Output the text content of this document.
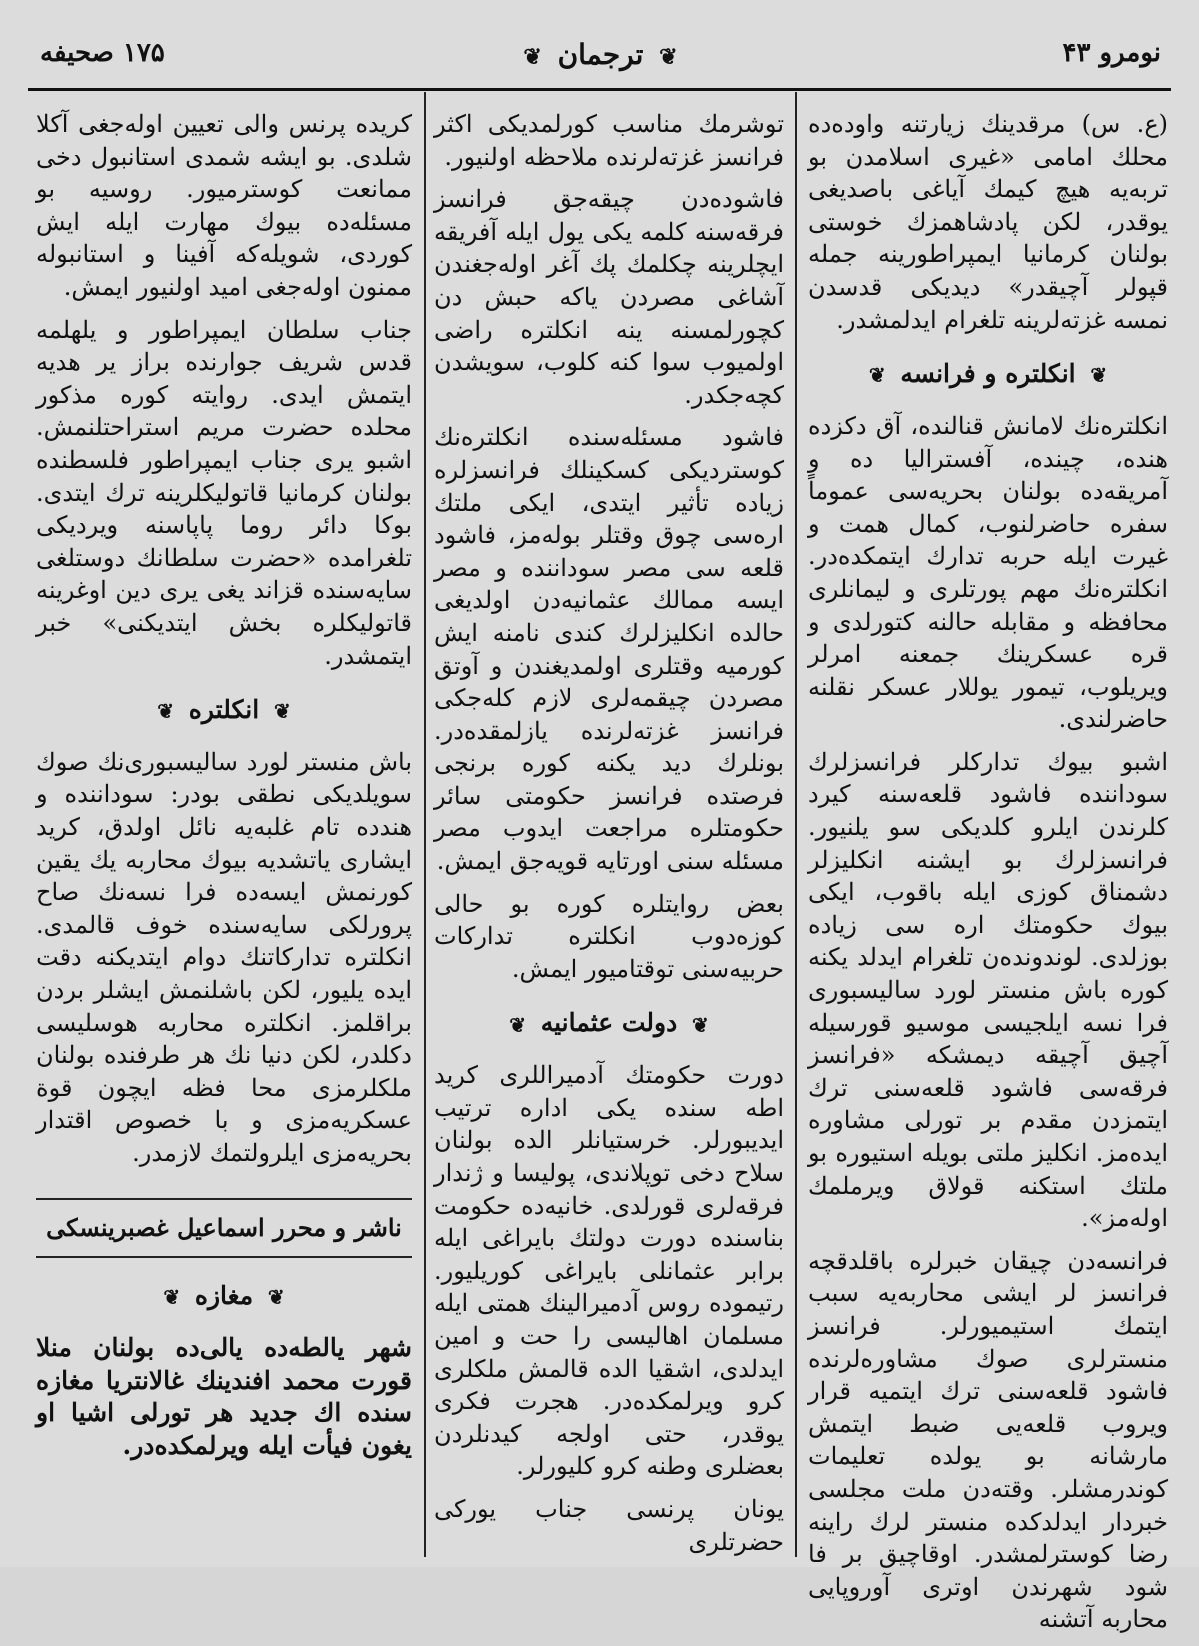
نومرو ۴۳
❦ ترجمان ❦
۱۷۵ صحیفه

(ع. س) مرقدینك زیارتنه واوده‌ده محلك امامی «غیری اسلامدن بو تربه‌یه هیچ کیمك آیاغی باصدیغی یوقدر، لکن پادشاهمزك خوستی بولنان کرمانیا ایمپراطورینه جمله قپولر آچیقدر» دیدیکی قدسدن نمسه غزته‌لرینه تلغرام ایدلمشدر.

❦ انکلتره و فرانسه ❦

انکلتره‌نك لامانش قنالنده، آق دکزده هنده، چینده، آفستراليا ده و آمریقه‌ده بولنان بحریه‌سی عموماً سفره حاضرلنوب، کمال همت و غیرت ایله حربه تدارك ایتمکده‌در. انکلتره‌نك مهم پورتلری و لیمانلری محافظه و مقابله حالنه کتورلدی و قره عسکرینك جمعنه امرلر ویریلوب، تیمور یوللار عسکر نقلنه حاضرلندی.

اشبو بیوك تدارکلر فرانسزلرك سوداننده فاشود قلعه‌سنه کیرد کلرندن ایلرو کلدیکی سو یلنیور. فرانسزلرك بو ایشنه انکلیزلر دشمناق کوزی ایله باقوب، ایکی بیوك حکومتك اره‌ سی زیاده بوزلدی. لوندونده‌ن تلغرام ایدلد یکنه کوره باش منستر لورد سالیسبوری فرا نسه ایلجیسی موسیو قورسیله آچیق آچیقه دیمشکه «فرانسز فرقه‌سی فاشود قلعه‌سنی ترك ایتمزدن مقدم بر تورلی مشاوره ایده‌مز. انکلیز ملتی بویله استیوره بو ملتك استکنه قولاق ویرملمك اوله‌مز».

فرانسه‌دن چیقان خبرلره باقلدقچه فرانسز لر ایشی محاربه‌یه سبب ایتمك استیمیورلر. فرانسز منسترلری صوك مشاوره‌لرنده فاشود قلعه‌سنی ترك ایتمیه قرار ویروب قلعه‌یی ضبط ایتمش مارشانه بو یولده تعلیمات کوندرمشلر. وقته‌دن ملت مجلسی خبردار ایدلدکده منستر لرك راینه رضا کوسترلمشدر. اوقاچیق بر فا شود شهرندن اوتری آوروپایی محاربه آتشنه

توشرمك مناسب کورلمدیکی اکثر فرانسز غزته‌لرنده ملاحظه اولنیور.

فاشوده‌دن چیقه‌جق فرانسز فرقه‌سنه کلمه یکی یول ایله آفریقه ایچلرینه چکلمك پك آغر اوله‌جغندن آشاغی مصردن یاکه حبش دن کچورلمسنه ینه انکلتره راضی اولمیوب سوا کنه کلوب، سویشدن کچه‌جکدر.

فاشود مسئله‌سنده انکلتره‌نك کوستردیکی کسکینلك فرانسزلره زیاده تأثیر ایتدی، ایکی ملتك اره‌سی چوق وقتلر بوله‌مز، فاشود قلعه سی مصر سوداننده و مصر ایسه ممالك عثمانیه‌دن اولدیغی حالده انکلیزلرك کندی نامنه ایش کورمیه وقتلری اولمدیغندن و آوتق مصردن چیقمه‌لری لازم کله‌جکی فرانسز غزته‌لرنده یازلمقده‌در. بونلرك دید یکنه کوره برنجی فرصتده فرانسز حکومتی سائر حکومتلره مراجعت ایدوب مصر مسئله سنی اورتایه قویه‌جق ایمش.

بعض روایتلره کوره بو حالی کوزه‌دوب انکلتره تدارکات حربیه‌سنی توقتامیور ایمش.

❦ دولت عثمانیه ❦

دورت حکومتك آدمیراللری کرید اطه سنده یکی اداره ترتیب ایدیبورلر. خرستیانلر الده بولنان سلاح دخی توپلاندی، پولیسا و ژندار فرقه‌لری قورلدی. خانیه‌ده حکومت بناسنده دورت دولتك بایراغی ایله برابر عثمانلی بایراغی کوریلیور. رتیموده روس آدمیرالینك همتی ایله مسلمان اهالیسی را حت و امین ایدلدی، اشقیا الده قالمش ملکلری کرو ویرلمکده‌در. هجرت فکری یوقدر، حتی اولجه کیدنلردن بعضلری وطنه کرو کلیورلر.

یونان پرنسی جناب یورکی حضرتلری

کریده پرنس والی تعیین اوله‌جغی آکلا شلدی. بو ایشه شمدی استانبول دخی ممانعت کوسترمیور. روسیه بو مسئله‌ده بیوك مهارت ایله ایش کوردی، شویله‌که آفینا و استانبوله ممنون اوله‌جغی امید اولنیور ایمش.

جناب سلطان ایمپراطور و یلهلمه قدس شریف جوارنده براز یر هدیه ایتمش ایدی. روایته کوره مذکور محلده حضرت مریم استراحتلنمش. اشبو یری جناب ایمپراطور فلسطنده بولنان کرمانیا قاتولیکلرینه ترك ایتدی. بوکا دائر روما پاپاسنه ویردیکی تلغرامده «حضرت سلطانك دوستلغی سایه‌سنده قزاند یغی یری دین اوغرینه قاتولیکلره بخش ایتدیکنی» خبر ایتمشدر.

❦ انکلتره ❦

باش منستر لورد سالیسبوری‌نك صوك سویلدیکی نطقی بودر: سوداننده و هندده تام غلبه‌یه نائل اولدق، کرید ایشاری یاتشدیه بیوك محاربه یك یقین کورنمش ایسه‌ده فرا نسه‌نك صاح پرورلکی سایه‌سنده خوف قالمدی. انکلتره تدارکاتنك دوام ایتدیکنه دقت ایده یلیور، لکن باشلنمش ایشلر بردن براقلمز. انکلتره محاربه هوسلیسی دکلدر، لکن دنیا نك هر طرفنده بولنان ملکلرمزی محا فظه ایچون قوة عسکریه‌مزی و با خصوص اقتدار بحریه‌مزی ایلرولتمك لازمدر.

ناشر و محرر اسماعیل غصبرینسکی
❦ مغازه ❦

شهر یالطه‌ده یالی‌ده بولنان منلا قورت محمد افندینك غالانتریا مغازه سنده اك جدید هر تورلی اشیا او یغون فیأت ایله ویرلمکده‌در.
